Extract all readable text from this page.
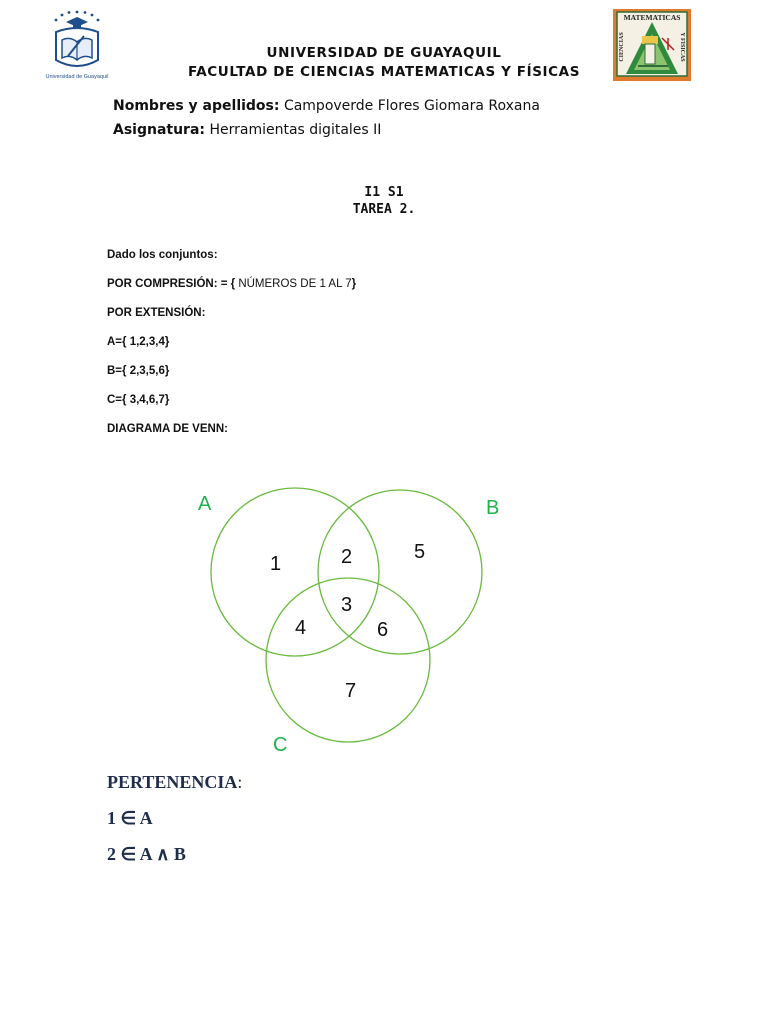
Universidad de Guayaquil
MATEMATICAS
CIENCIAS	Y FISICAS
UNIVERSIDAD DE GUAYAQUIL
FACULTAD DE CIENCIAS MATEMATICAS Y FÍSICAS
Nombres y apellidos: Campoverde Flores Giomara Roxana
Asignatura: Herramientas digitales II
I1 S1
TAREA 2.
Dado los conjuntos:
POR COMPRESIÓN: = { NÚMEROS DE 1 AL 7}
POR EXTENSIÓN:
A={ 1,2,3,4}
B={ 2,3,5,6}
C={ 3,4,6,7}
DIAGRAMA DE VENN:
A	B
C
1	2	5
3
4	6
7
PERTENENCIA:
1 ∈ A
2 ∈ A ∧ B
